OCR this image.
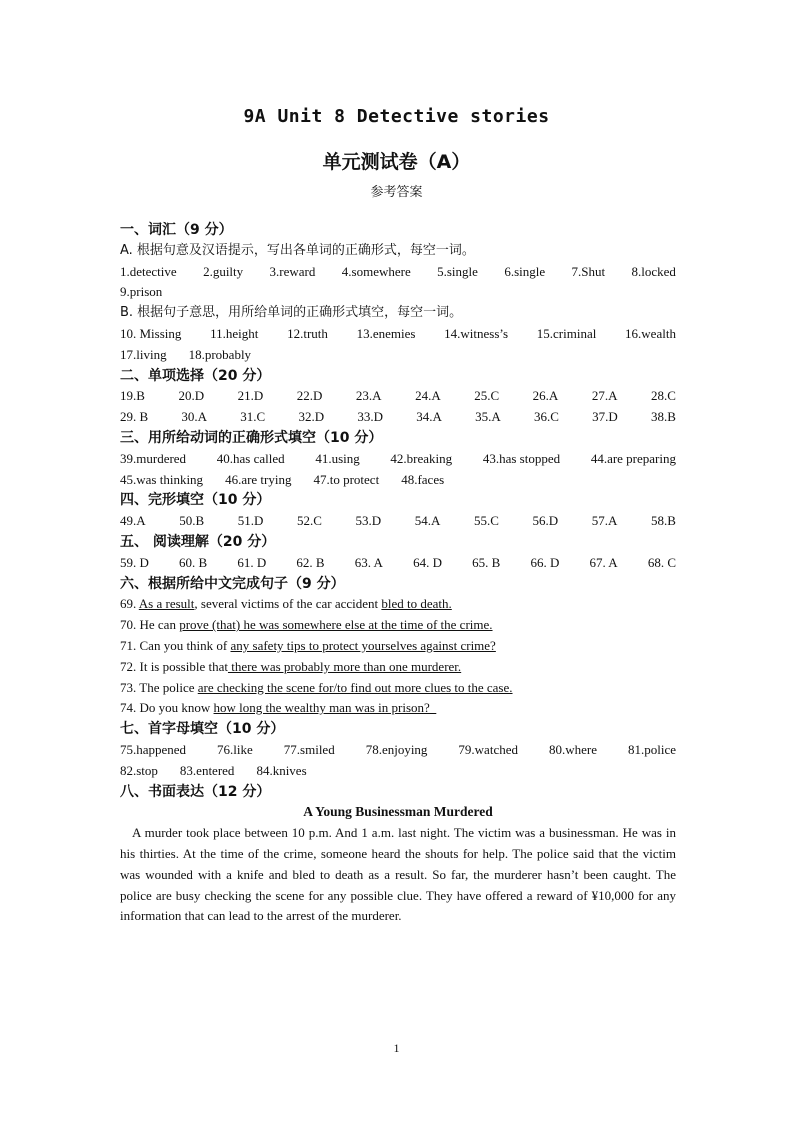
9A Unit 8 Detective stories
单元测试卷（A）
参考答案
一、词汇（9 分）
A. 根据句意及汉语提示，写出各单词的正确形式，每空一词。
1.detective 2.guilty 3.reward 4.somewhere 5.single 6.single 7.Shut 8.locked
9.prison
B. 根据句子意思，用所给单词的正确形式填空，每空一词。
10. Missing 11.height 12.truth 13.enemies 14.witness’s 15.criminal 16.wealth
17.living 18.probably
二、单项选择（20 分）
19.B	20.D	21.D	22.D	23.A	24.A	25.C	26.A	27.A	28.C
29. B	30.A	31.C	32.D	33.D	34.A	35.A	36.C	37.D	38.B
三、用所给动词的正确形式填空（10 分）
39.murdered 40.has called 41.using 42.breaking 43.has stopped 44.are preparing
45.was thinking 46.are trying 47.to protect 48.faces
四、完形填空（10 分）
49.A	50.B	51.D	52.C	53.D	54.A	55.C	56.D	57.A	58.B
五、 阅读理解（20 分）
59. D 60. B 61. D 62. B 63. A 64. D 65. B 66. D 67. A 68. C
六、根据所给中文完成句子（9 分）
69. As a result, several victims of the car accident bled to death.
70. He can prove (that) he was somewhere else at the time of the crime.
71. Can you think of any safety tips to protect yourselves against crime?
72. It is possible that there was probably more than one murderer.
73. The police are checking the scene for/to find out more clues to the case.
74. Do you know how long the wealthy man was in prison?
七、首字母填空（10 分）
75.happened 76.like 77.smiled 78.enjoying 79.watched 80.where 81.police
82.stop 83.entered 84.knives
八、书面表达（12 分）
A Young Businessman Murdered

A murder took place between 10 p.m. And 1 a.m. last night. The victim was a businessman. He was in his thirties. At the time of the crime, someone heard the shouts for help. The police said that the victim was wounded with a knife and bled to death as a result. So far, the murderer hasn’t been caught. The police are busy checking the scene for any possible clue. They have offered a reward of ¥10,000 for any information that can lead to the arrest of the murderer.

1
